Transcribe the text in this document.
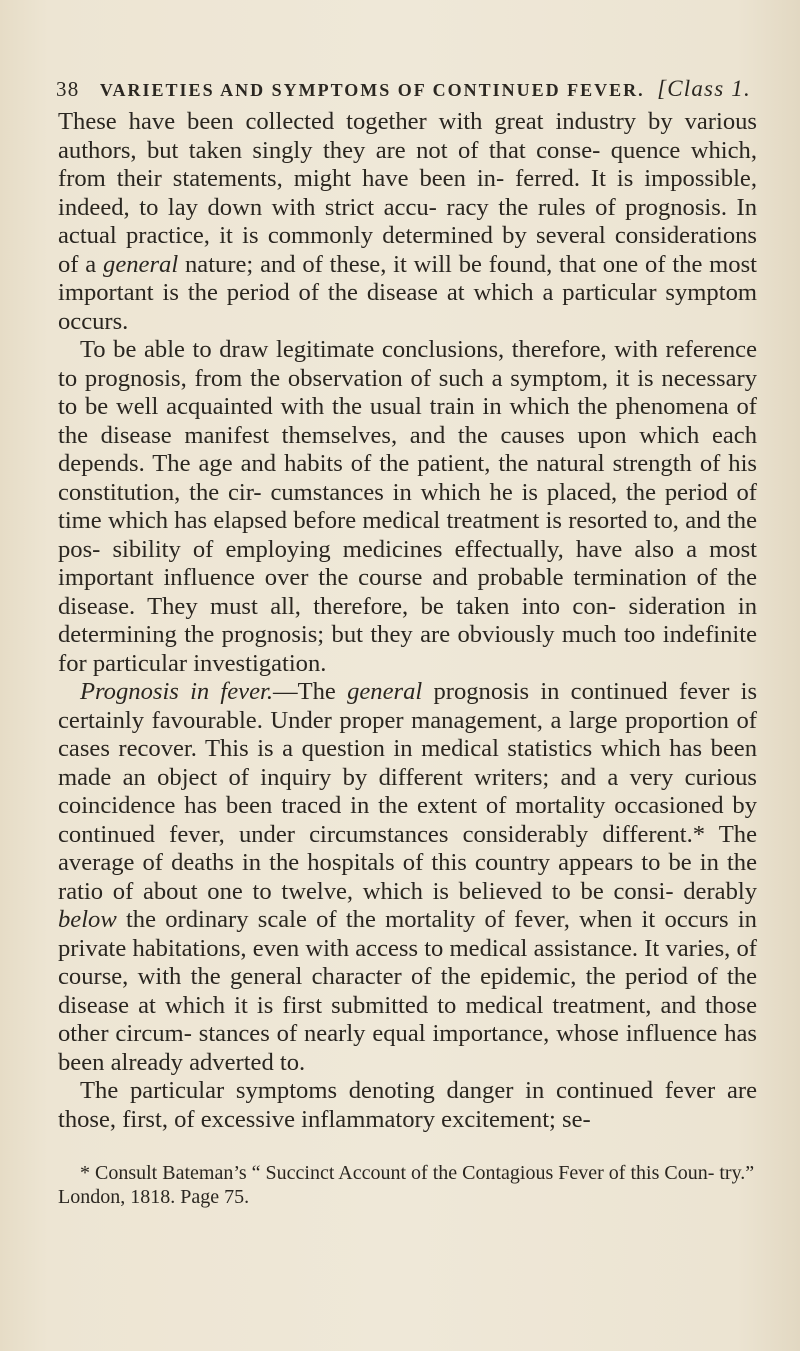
38 VARIETIES AND SYMPTOMS OF CONTINUED FEVER. [Class 1.

These have been collected together with great industry by various authors, but taken singly they are not of that conse- quence which, from their statements, might have been in- ferred. It is impossible, indeed, to lay down with strict accu- racy the rules of prognosis. In actual practice, it is commonly determined by several considerations of a general nature; and of these, it will be found, that one of the most important is the period of the disease at which a particular symptom occurs.

To be able to draw legitimate conclusions, therefore, with reference to prognosis, from the observation of such a symptom, it is necessary to be well acquainted with the usual train in which the phenomena of the disease manifest themselves, and the causes upon which each depends. The age and habits of the patient, the natural strength of his constitution, the cir- cumstances in which he is placed, the period of time which has elapsed before medical treatment is resorted to, and the pos- sibility of employing medicines effectually, have also a most important influence over the course and probable termination of the disease. They must all, therefore, be taken into con- sideration in determining the prognosis; but they are obviously much too indefinite for particular investigation.

Prognosis in fever.—The general prognosis in continued fever is certainly favourable. Under proper management, a large proportion of cases recover. This is a question in medical statistics which has been made an object of inquiry by different writers; and a very curious coincidence has been traced in the extent of mortality occasioned by continued fever, under circumstances considerably different.* The average of deaths in the hospitals of this country appears to be in the ratio of about one to twelve, which is believed to be consi- derably below the ordinary scale of the mortality of fever, when it occurs in private habitations, even with access to medical assistance. It varies, of course, with the general character of the epidemic, the period of the disease at which it is first submitted to medical treatment, and those other circum- stances of nearly equal importance, whose influence has been already adverted to.

The particular symptoms denoting danger in continued fever are those, first, of excessive inflammatory excitement; se-

* Consult Bateman’s “ Succinct Account of the Contagious Fever of this Coun- try.” London, 1818. Page 75.
